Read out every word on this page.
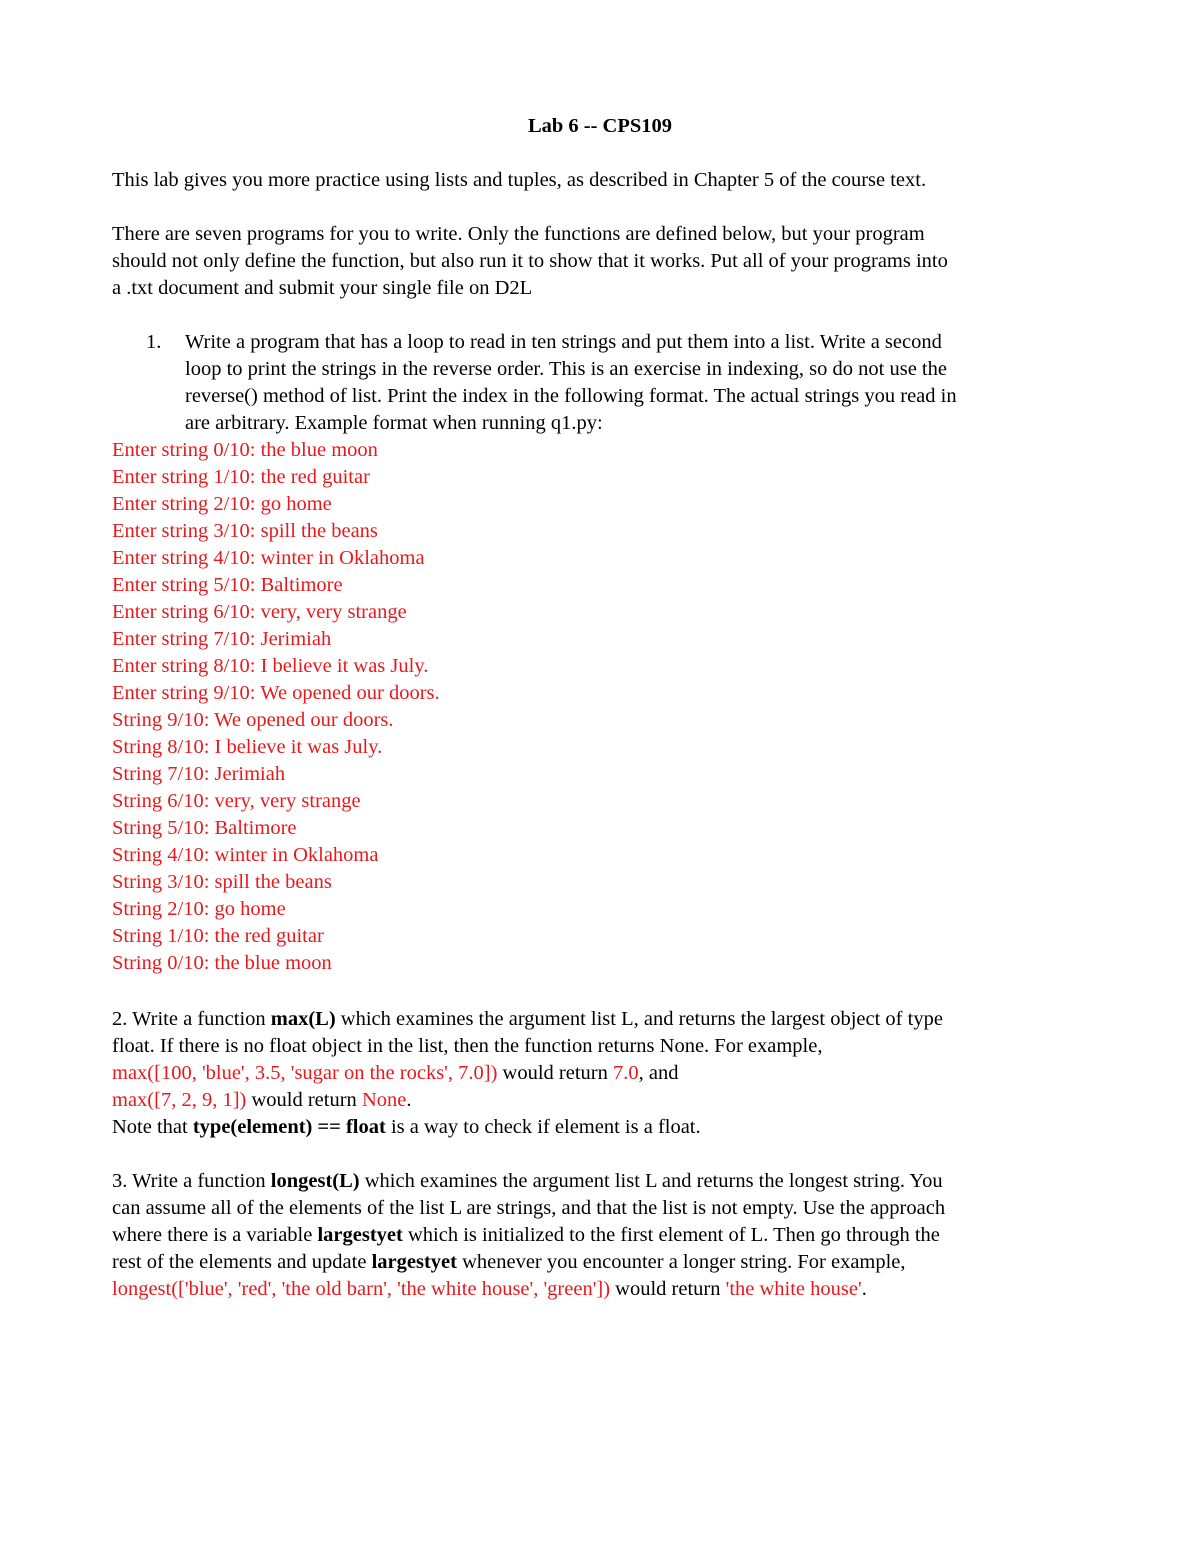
Lab 6 -- CPS109
This lab gives you more practice using lists and tuples, as described in Chapter 5 of the course text.
There are seven programs for you to write. Only the functions are defined below, but your program
should not only define the function, but also run it to show that it works. Put all of your programs into
a .txt document and submit your single file on D2L
1. Write a program that has a loop to read in ten strings and put them into a list. Write a second
loop to print the strings in the reverse order. This is an exercise in indexing, so do not use the
reverse() method of list. Print the index in the following format. The actual strings you read in
are arbitrary. Example format when running q1.py:
Enter string 0/10: the blue moon
Enter string 1/10: the red guitar
Enter string 2/10: go home
Enter string 3/10: spill the beans
Enter string 4/10: winter in Oklahoma
Enter string 5/10: Baltimore
Enter string 6/10: very, very strange
Enter string 7/10: Jerimiah
Enter string 8/10: I believe it was July.
Enter string 9/10: We opened our doors.
String 9/10: We opened our doors.
String 8/10: I believe it was July.
String 7/10: Jerimiah
String 6/10: very, very strange
String 5/10: Baltimore
String 4/10: winter in Oklahoma
String 3/10: spill the beans
String 2/10: go home
String 1/10: the red guitar
String 0/10: the blue moon
2. Write a function max(L) which examines the argument list L, and returns the largest object of type
float. If there is no float object in the list, then the function returns None. For example,
max([100, 'blue', 3.5, 'sugar on the rocks', 7.0]) would return 7.0, and
max([7, 2, 9, 1]) would return None.
Note that type(element) == float is a way to check if element is a float.
3. Write a function longest(L) which examines the argument list L and returns the longest string. You
can assume all of the elements of the list L are strings, and that the list is not empty. Use the approach
where there is a variable largestyet which is initialized to the first element of L. Then go through the
rest of the elements and update largestyet whenever you encounter a longer string. For example,
longest(['blue', 'red', 'the old barn', 'the white house', 'green']) would return 'the white house'.
